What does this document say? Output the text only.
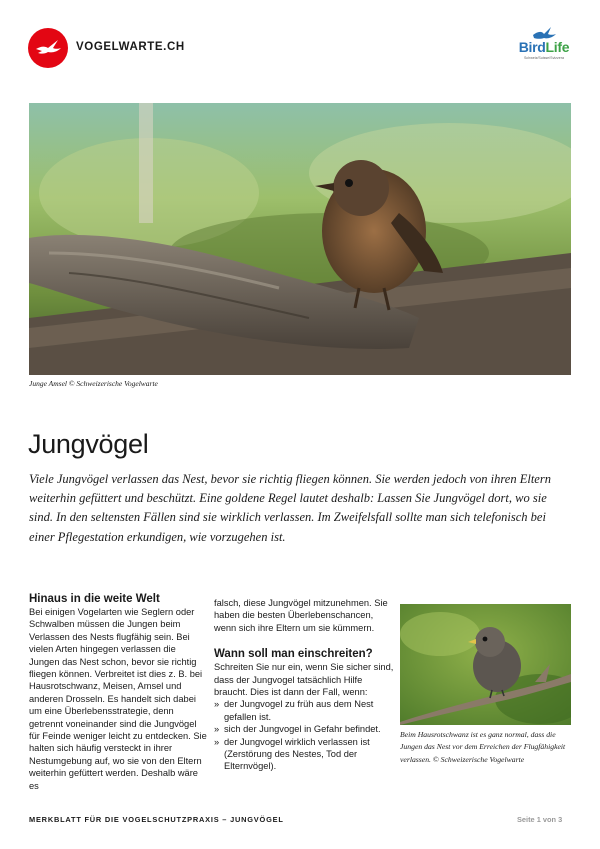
VOGELWARTE.CH	BirdLife
Schweiz/Suisse/Svizzera
Junge Amsel © Schweizerische Vogelwarte
Jungvögel

Viele Jungvögel verlassen das Nest, bevor sie richtig fliegen können. Sie werden jedoch von ihren Eltern weiterhin gefüttert und beschützt. Eine goldene Regel lautet deshalb: Lassen Sie Jungvögel dort, wo sie sind. In den seltensten Fällen sind sie wirklich verlassen. Im Zweifelsfall sollte man sich telefonisch bei einer Pflegestation erkundigen, wie vorzugehen ist.

Hinaus in die weite Welt

Bei einigen Vogelarten wie Seglern oder Schwalben müssen die Jungen beim Verlassen des Nests flugfähig sein. Bei vielen Arten hingegen verlassen die Jungen das Nest schon, bevor sie richtig fliegen können. Verbreitet ist dies z. B. bei Hausrotschwanz, Meisen, Amsel und anderen Drosseln. Es handelt sich dabei um eine Überlebensstrategie, denn getrennt voneinander sind die Jungvögel für Feinde weniger leicht zu entdecken. Sie halten sich häufig versteckt in ihrer Nestumgebung auf, wo sie von den Eltern weiterhin gefüttert werden. Deshalb wäre es

falsch, diese Jungvögel mitzunehmen. Sie haben die besten Überlebenschancen, wenn sich ihre Eltern um sie kümmern.

Wann soll man einschreiten?

Schreiten Sie nur ein, wenn Sie sicher sind, dass der Jungvogel tatsächlich Hilfe braucht. Dies ist dann der Fall, wenn:

» der Jungvogel zu früh aus dem Nest gefallen ist.
» sich der Jungvogel in Gefahr befindet.
» der Jungvogel wirklich verlassen ist (Zerstörung des Nestes, Tod der Elternvögel).
Beim Hausrotschwanz ist es ganz normal, dass die Jungen das Nest vor dem Erreichen der Flugfähigkeit verlassen. © Schweizerische Vogelwarte
MERKBLATT FÜR DIE VOGELSCHUTZPRAXIS – JUNGVÖGEL	Seite 1 von 3
